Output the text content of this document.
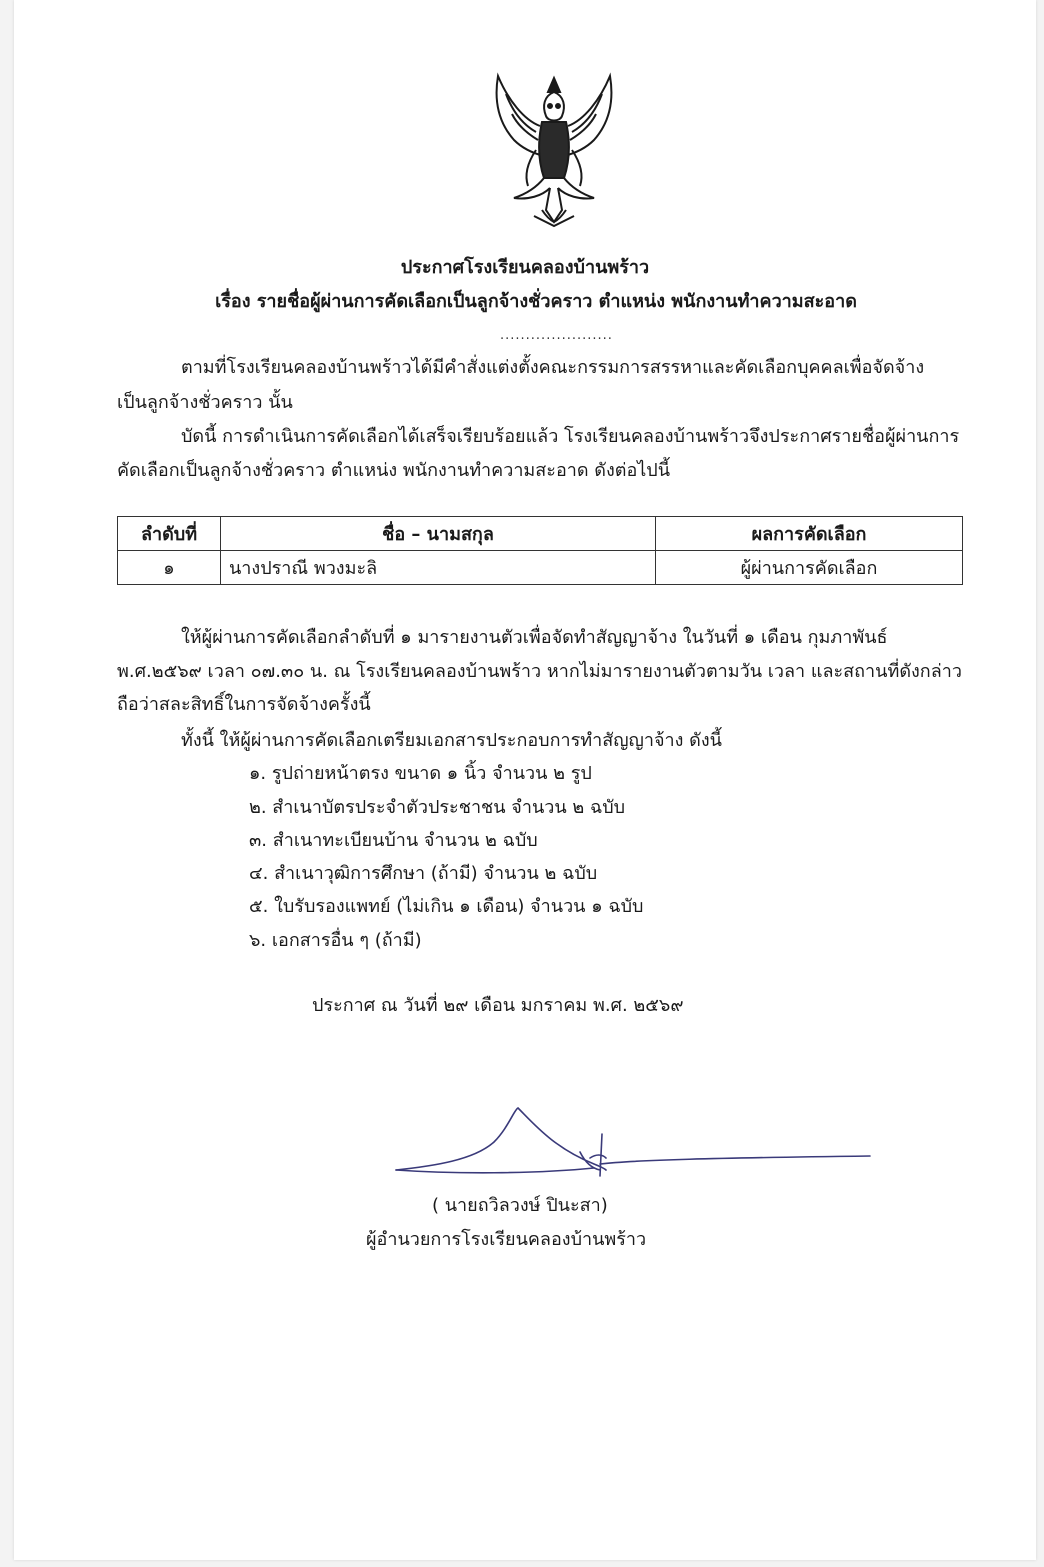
ประกาศโรงเรียนคลองบ้านพร้าว
เรื่อง รายชื่อผู้ผ่านการคัดเลือกเป็นลูกจ้างชั่วคราว ตำแหน่ง พนักงานทำความสะอาด
......................
ตามที่โรงเรียนคลองบ้านพร้าวได้มีคำสั่งแต่งตั้งคณะกรรมการสรรหาและคัดเลือกบุคคลเพื่อจัดจ้าง
เป็นลูกจ้างชั่วคราว นั้น
บัดนี้ การดำเนินการคัดเลือกได้เสร็จเรียบร้อยแล้ว โรงเรียนคลองบ้านพร้าวจึงประกาศรายชื่อผู้ผ่านการ
คัดเลือกเป็นลูกจ้างชั่วคราว ตำแหน่ง พนักงานทำความสะอาด ดังต่อไปนี้
ลำดับที่	ชื่อ – นามสกุล	ผลการคัดเลือก
๑	นางปราณี พวงมะลิ	ผู้ผ่านการคัดเลือก
ให้ผู้ผ่านการคัดเลือกลำดับที่ ๑ มารายงานตัวเพื่อจัดทำสัญญาจ้าง ในวันที่ ๑ เดือน กุมภาพันธ์
พ.ศ.๒๕๖๙ เวลา ๐๗.๓๐ น. ณ โรงเรียนคลองบ้านพร้าว หากไม่มารายงานตัวตามวัน เวลา และสถานที่ดังกล่าว
ถือว่าสละสิทธิ์ในการจัดจ้างครั้งนี้
ทั้งนี้ ให้ผู้ผ่านการคัดเลือกเตรียมเอกสารประกอบการทำสัญญาจ้าง ดังนี้
๑. รูปถ่ายหน้าตรง ขนาด ๑ นิ้ว จำนวน ๒ รูป
๒. สำเนาบัตรประจำตัวประชาชน จำนวน ๒ ฉบับ
๓. สำเนาทะเบียนบ้าน จำนวน ๒ ฉบับ
๔. สำเนาวุฒิการศึกษา (ถ้ามี) จำนวน ๒ ฉบับ
๕. ใบรับรองแพทย์ (ไม่เกิน ๑ เดือน) จำนวน ๑ ฉบับ
๖. เอกสารอื่น ๆ (ถ้ามี)
ประกาศ ณ วันที่ ๒๙ เดือน มกราคม พ.ศ. ๒๕๖๙
( นายถวิลวงษ์ ปินะสา)
ผู้อำนวยการโรงเรียนคลองบ้านพร้าว
